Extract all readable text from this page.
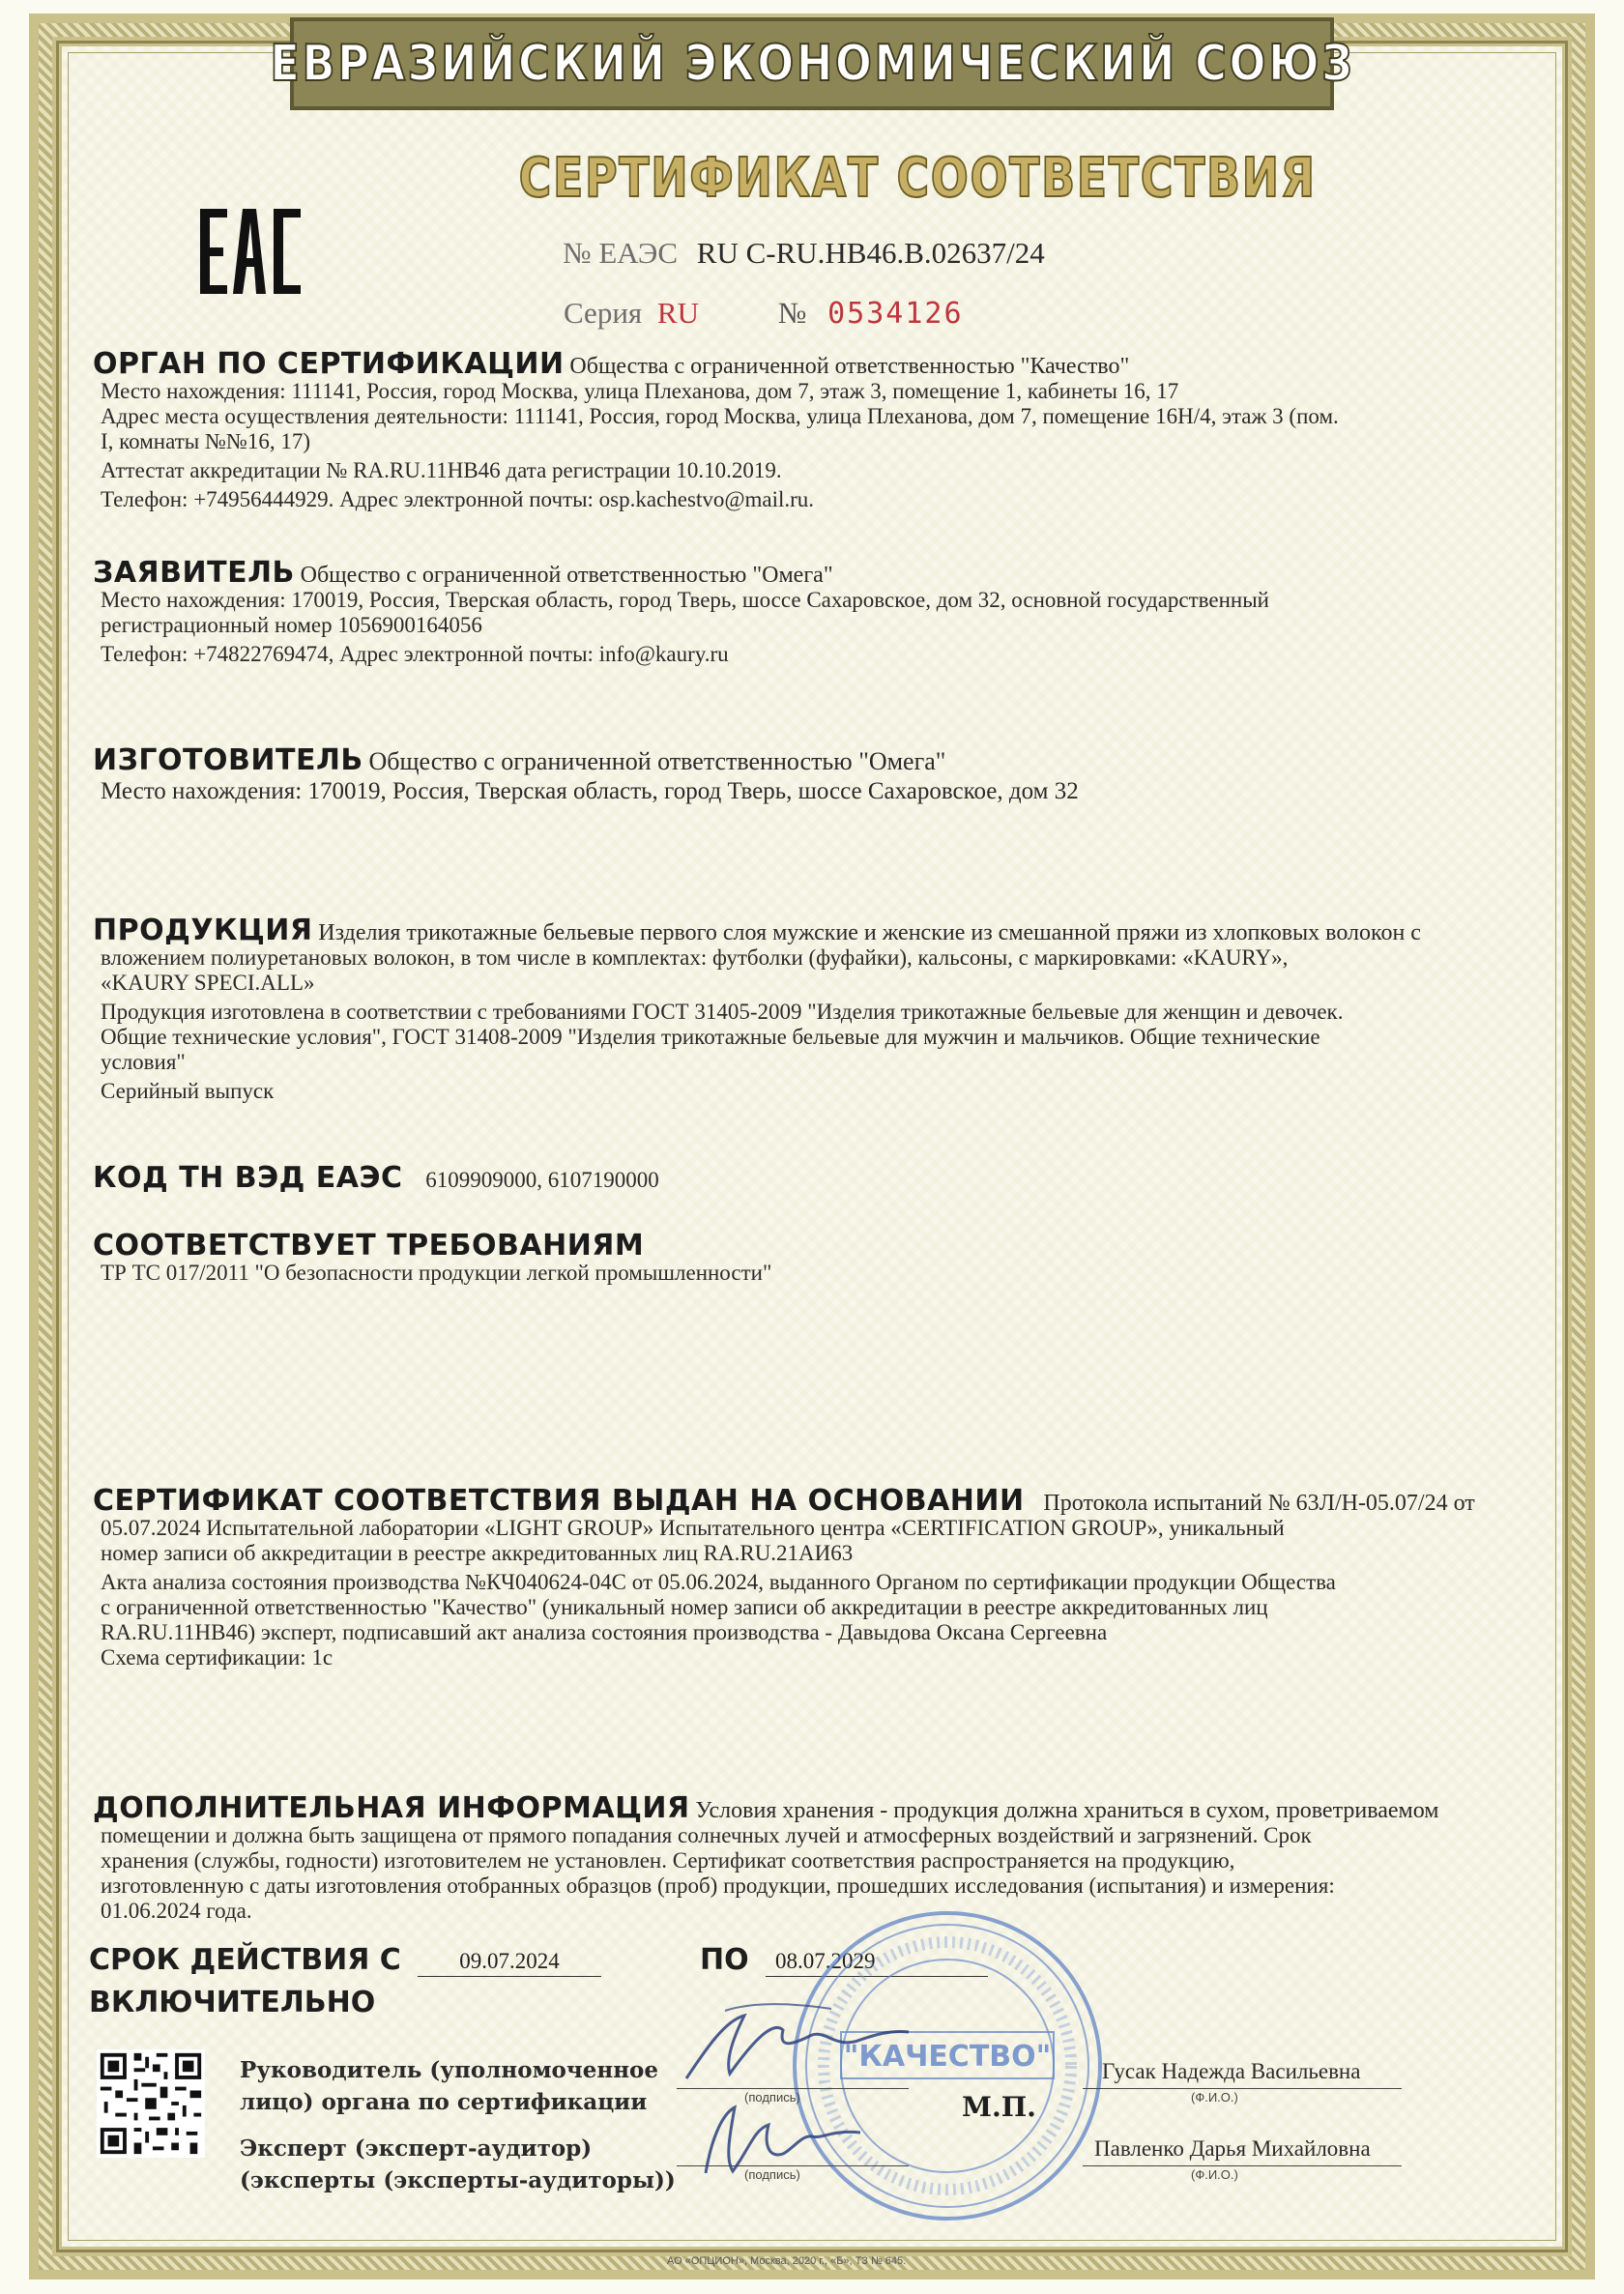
ЕВРАЗИЙСКИЙ ЭКОНОМИЧЕСКИЙ СОЮЗ
СЕРТИФИКАТ СООТВЕТСТВИЯ
№ ЕАЭС RU С-RU.НВ46.В.02637/24
Серия RU	№ 0534126
ОРГАН ПО СЕРТИФИКАЦИИ Общества с ограниченной ответственностью "Качество"
Место нахождения: 111141, Россия, город Москва, улица Плеханова, дом 7, этаж 3, помещение 1, кабинеты 16, 17
Адрес места осуществления деятельности: 111141, Россия, город Москва, улица Плеханова, дом 7, помещение 16Н/4, этаж 3 (пом.
I, комнаты №№16, 17)
Аттестат аккредитации № RA.RU.11НВ46 дата регистрации 10.10.2019.
Телефон: +74956444929. Адрес электронной почты: osp.kachestvo@mail.ru.
ЗАЯВИТЕЛЬ Общество с ограниченной ответственностью "Омега"
Место нахождения: 170019, Россия, Тверская область, город Тверь, шоссе Сахаровское, дом 32, основной государственный
регистрационный номер 1056900164056
Телефон: +74822769474, Адрес электронной почты: info@kaury.ru
ИЗГОТОВИТЕЛЬ Общество с ограниченной ответственностью "Омега"
Место нахождения: 170019, Россия, Тверская область, город Тверь, шоссе Сахаровское, дом 32
ПРОДУКЦИЯ Изделия трикотажные бельевые первого слоя мужские и женские из смешанной пряжи из хлопковых волокон с
вложением полиуретановых волокон, в том числе в комплектах: футболки (фуфайки), кальсоны, с маркировками: «KAURY»,
«KAURY SPECI.ALL»
Продукция изготовлена в соответствии с требованиями ГОСТ 31405-2009 "Изделия трикотажные бельевые для женщин и девочек.
Общие технические условия", ГОСТ 31408-2009 "Изделия трикотажные бельевые для мужчин и мальчиков. Общие технические
условия"
Серийный выпуск
КОД ТН ВЭД ЕАЭС 6109909000, 6107190000
СООТВЕТСТВУЕТ ТРЕБОВАНИЯМ
ТР ТС 017/2011 "О безопасности продукции легкой промышленности"
СЕРТИФИКАТ СООТВЕТСТВИЯ ВЫДАН НА ОСНОВАНИИ Протокола испытаний № 63Л/Н-05.07/24 от
05.07.2024 Испытательной лаборатории «LIGHT GROUP» Испытательного центра «CERTIFICATION GROUP», уникальный
номер записи об аккредитации в реестре аккредитованных лиц RA.RU.21АИ63
Акта анализа состояния производства №КЧ040624-04С от 05.06.2024, выданного Органом по сертификации продукции Общества
с ограниченной ответственностью "Качество" (уникальный номер записи об аккредитации в реестре аккредитованных лиц
RA.RU.11НВ46) эксперт, подписавший акт анализа состояния производства - Давыдова Оксана Сергеевна
Схема сертификации: 1с
ДОПОЛНИТЕЛЬНАЯ ИНФОРМАЦИЯ Условия хранения - продукция должна храниться в сухом, проветриваемом
помещении и должна быть защищена от прямого попадания солнечных лучей и атмосферных воздействий и загрязнений. Срок
хранения (службы, годности) изготовителем не установлен. Сертификат соответствия распространяется на продукцию,
изготовленную с даты изготовления отобранных образцов (проб) продукции, прошедших исследования (испытания) и измерения:
01.06.2024 года.
СРОК ДЕЙСТВИЯ С	09.07.2024	ПО	08.07.2029
ВКЛЮЧИТЕЛЬНО
"КАЧЕСТВО"
Руководитель (уполномоченное
лицо) органа по сертификации
Эксперт (эксперт-аудитор)
(эксперты (эксперты-аудиторы))
(подпись)
(подпись)
М.П.
Гусак Надежда Васильевна
(Ф.И.О.)
Павленко Дарья Михайловна
(Ф.И.О.)
АО «ОПЦИОН», Москва, 2020 г., «Б», ТЗ № 645.
